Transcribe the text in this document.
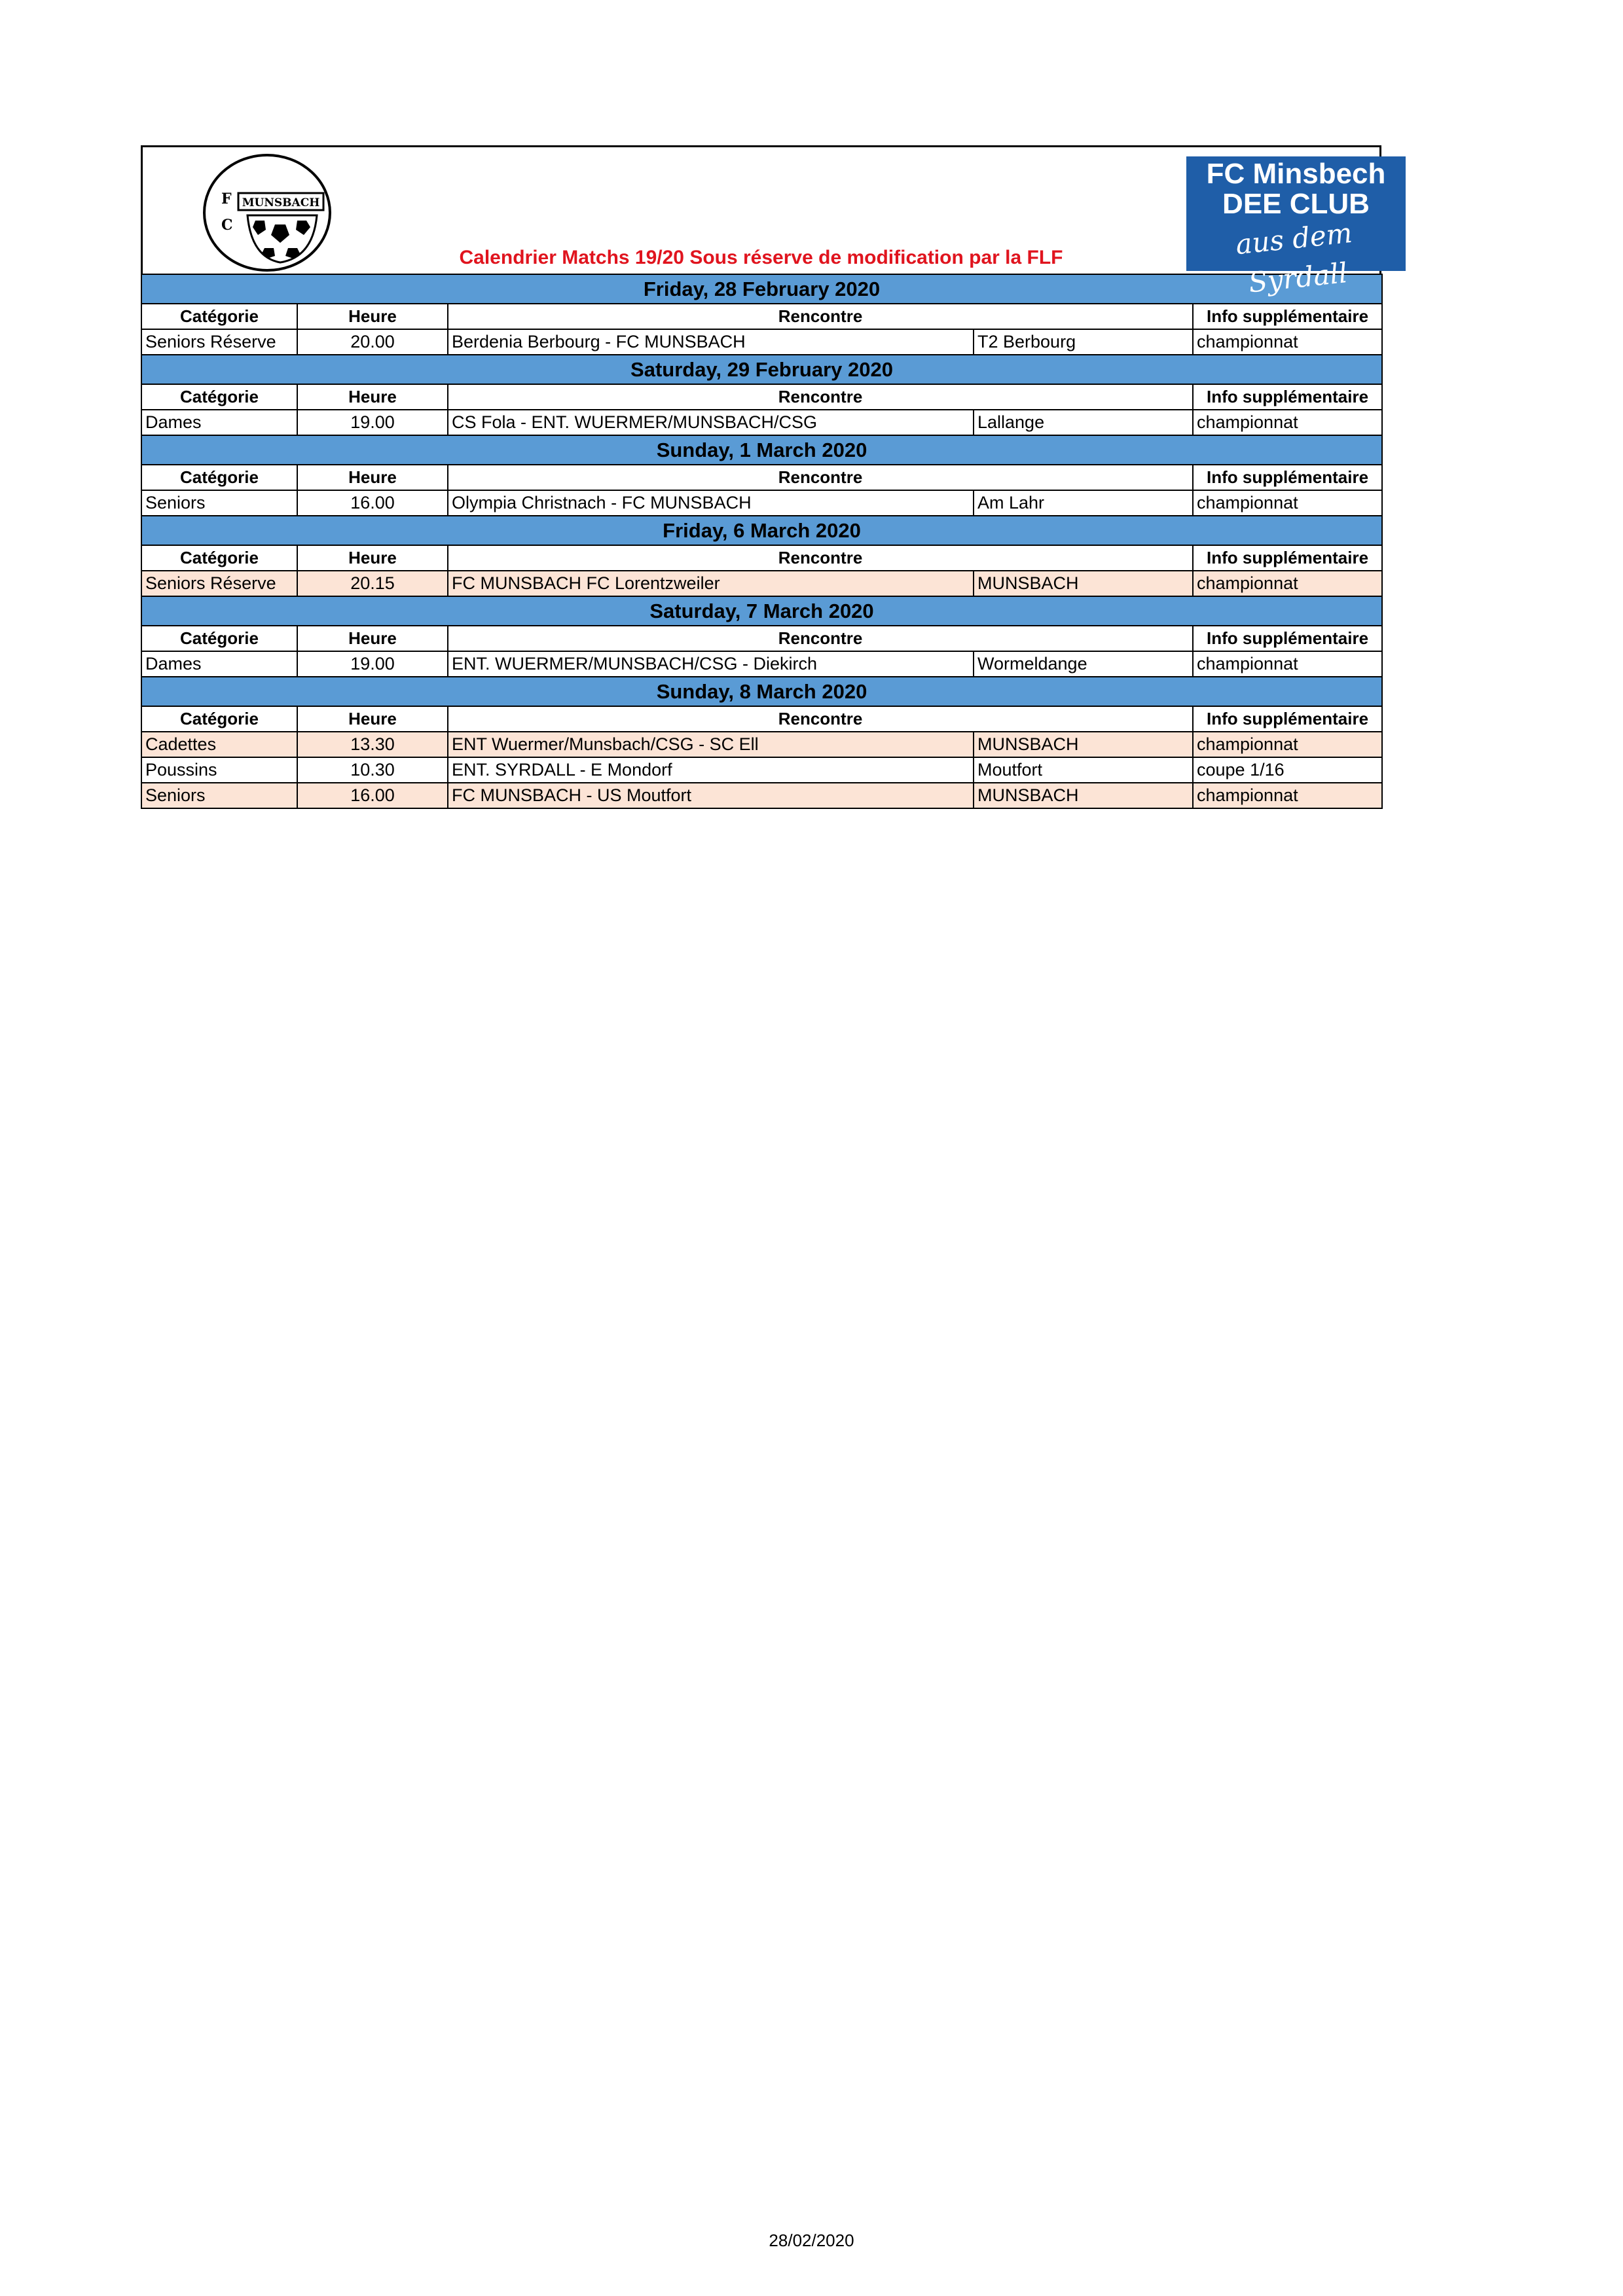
F
C
MUNSBACH
FC Minsbech
DEE CLUB
aus dem Syrdall
Calendrier Matchs 19/20 Sous réserve de modification par la FLF
Friday, 28 February 2020				
Catégorie	Heure	Rencontre		Info supplémentaire
Seniors Réserve	20.00	Berdenia Berbourg - FC MUNSBACH	T2 Berbourg	championnat
Saturday, 29 February 2020				
Catégorie	Heure	Rencontre		Info supplémentaire
Dames	19.00	CS Fola - ENT. WUERMER/MUNSBACH/CSG	Lallange	championnat
Sunday, 1 March 2020				
Catégorie	Heure	Rencontre		Info supplémentaire
Seniors	16.00	Olympia Christnach - FC MUNSBACH	Am Lahr	championnat
Friday, 6 March 2020				
Catégorie	Heure	Rencontre		Info supplémentaire
Seniors Réserve	20.15	FC MUNSBACH FC Lorentzweiler	MUNSBACH	championnat
Saturday, 7 March 2020				
Catégorie	Heure	Rencontre		Info supplémentaire
Dames	19.00	ENT. WUERMER/MUNSBACH/CSG - Diekirch	Wormeldange	championnat
Sunday, 8 March 2020				
Catégorie	Heure	Rencontre		Info supplémentaire
Cadettes	13.30	ENT Wuermer/Munsbach/CSG - SC Ell	MUNSBACH	championnat
Poussins	10.30	ENT. SYRDALL - E Mondorf	Moutfort	coupe 1/16
Seniors	16.00	FC MUNSBACH - US Moutfort	MUNSBACH	championnat
28/02/2020
